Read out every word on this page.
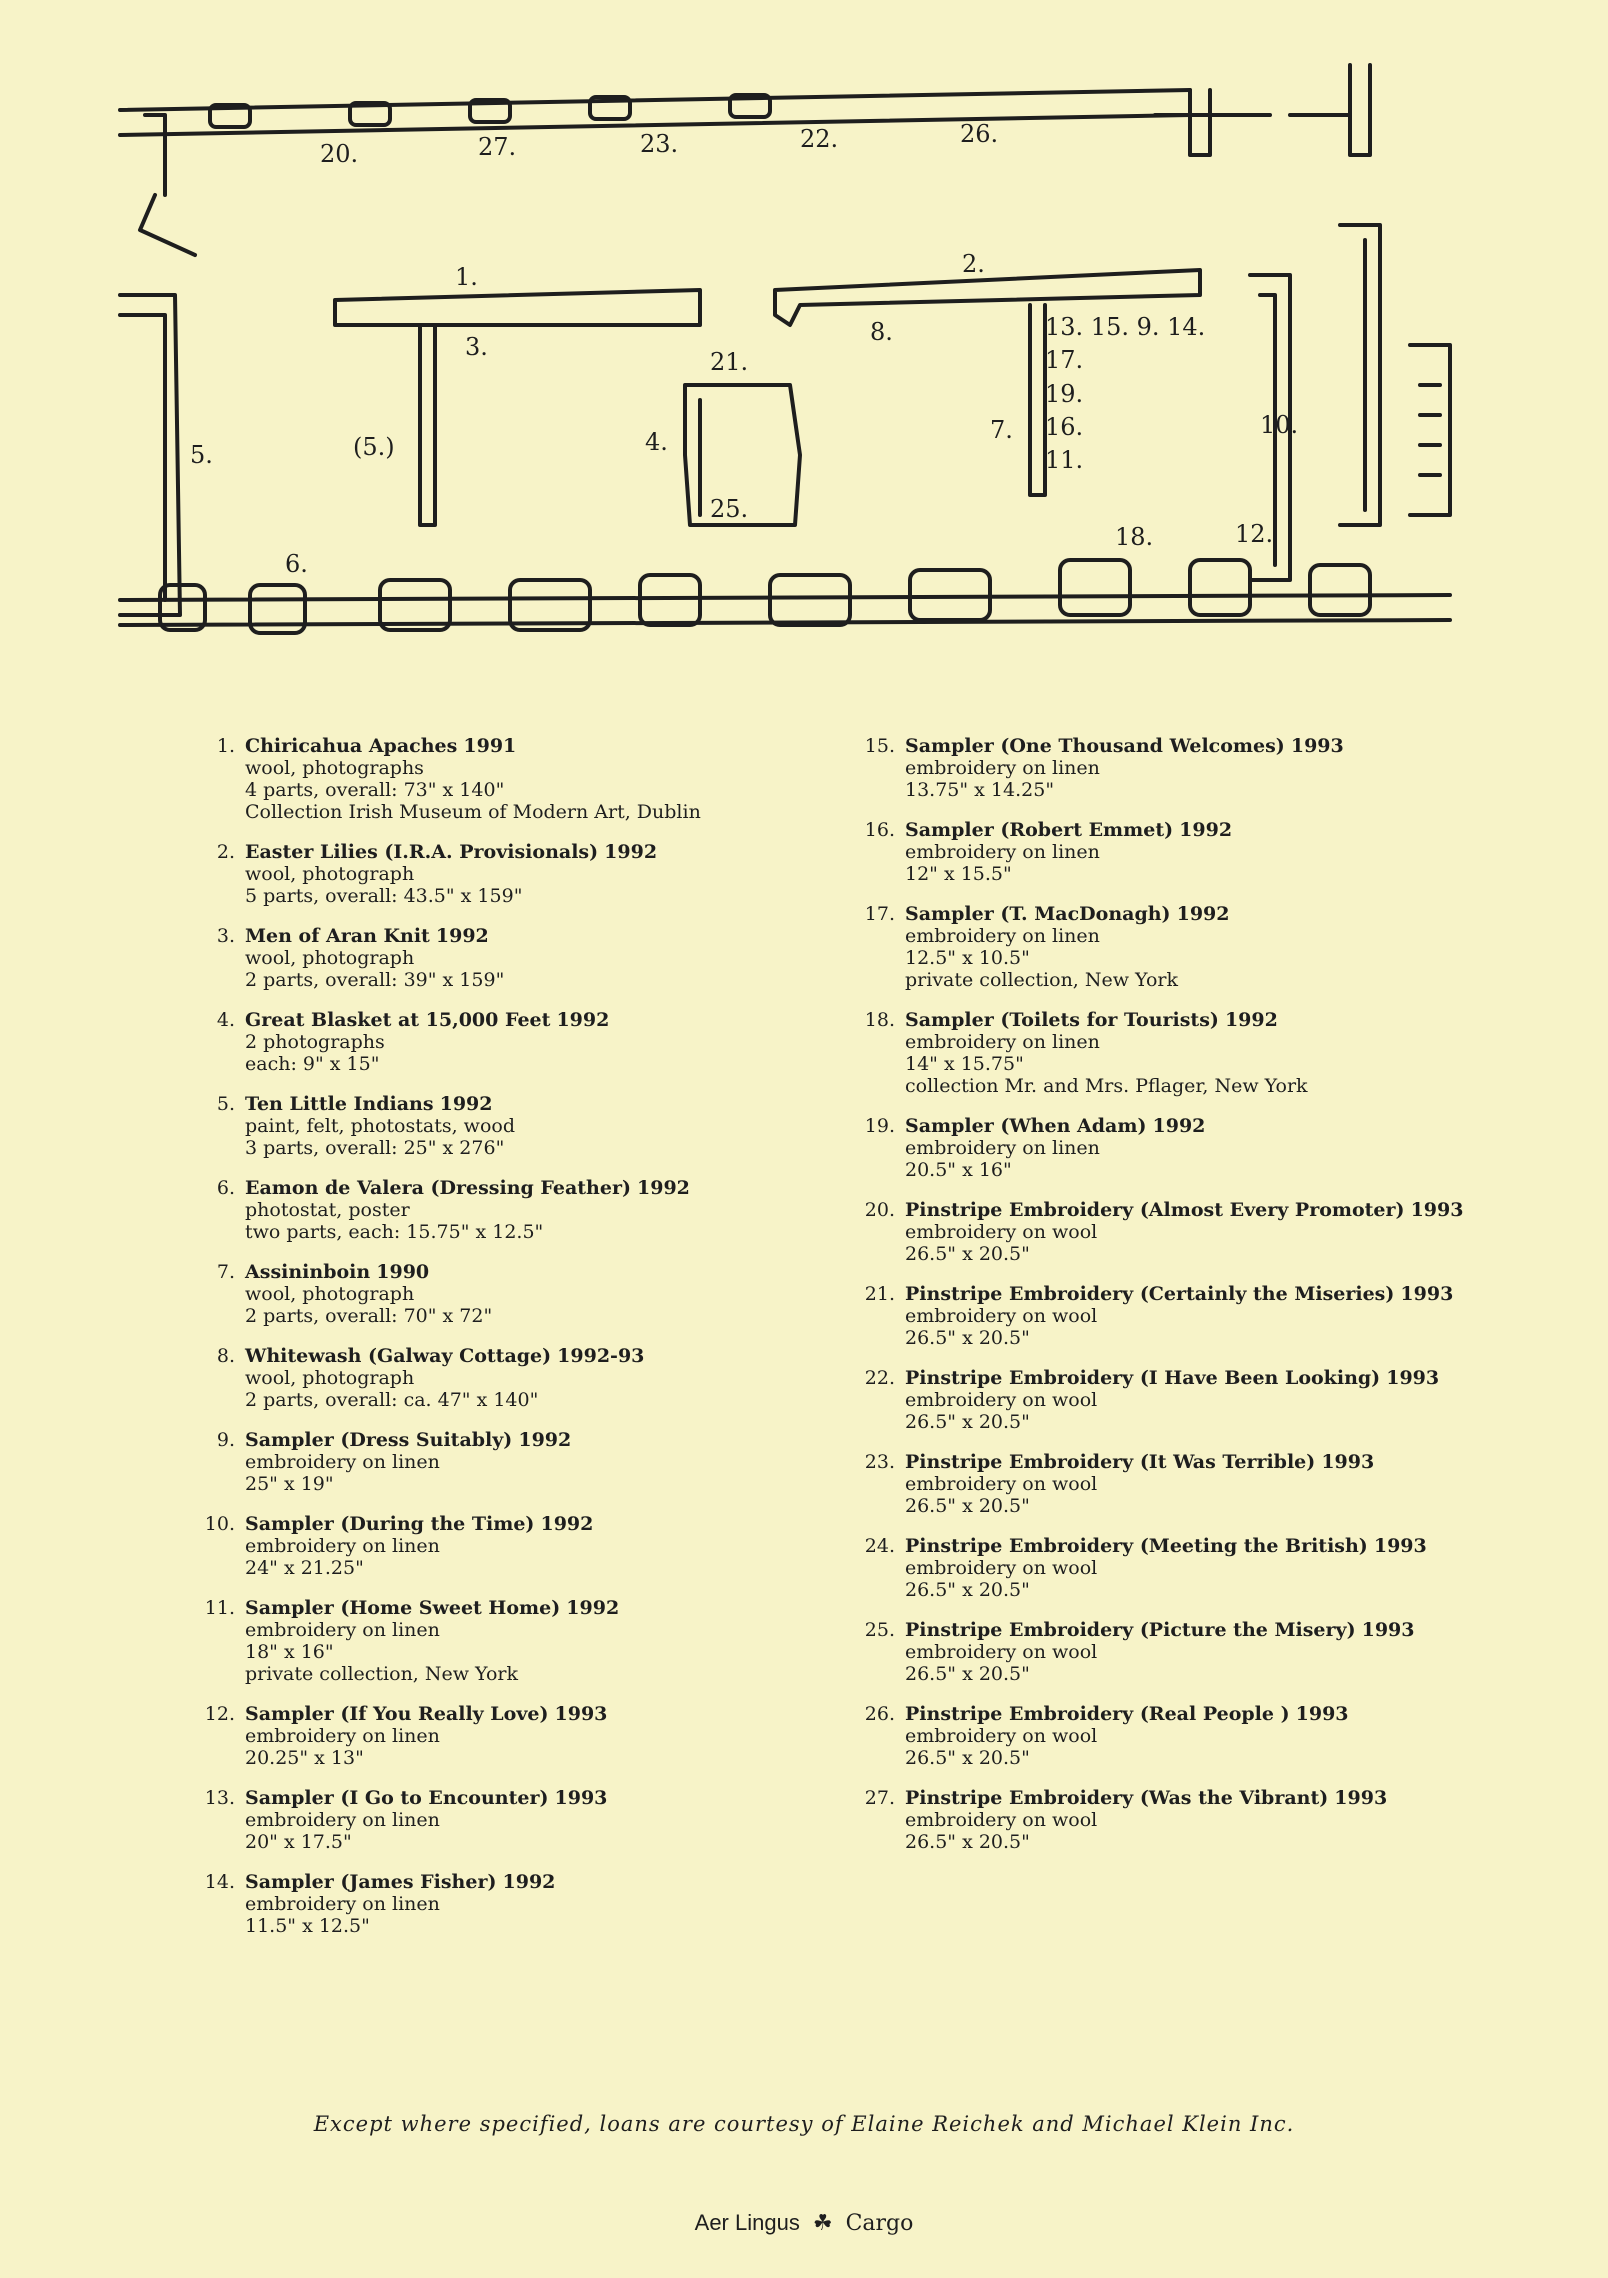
20.	27.	23.	22.	26.
1.	2.
3.
21.
8.	13. 15. 9. 14.
17.
19.
16.
11.
7.
4.
25.
10.
5.	(5.)
6.
18.	12.
1. Chiricahua Apaches 1991
wool, photographs
4 parts, overall: 73" x 140"
Collection Irish Museum of Modern Art, Dublin
2. Easter Lilies (I.R.A. Provisionals) 1992
wool, photograph
5 parts, overall: 43.5" x 159"
3. Men of Aran Knit 1992
wool, photograph
2 parts, overall: 39" x 159"
4. Great Blasket at 15,000 Feet 1992
2 photographs
each: 9" x 15"
5. Ten Little Indians 1992
paint, felt, photostats, wood
3 parts, overall: 25" x 276"
6. Eamon de Valera (Dressing Feather) 1992
photostat, poster
two parts, each: 15.75" x 12.5"
7. Assininboin 1990
wool, photograph
2 parts, overall: 70" x 72"
8. Whitewash (Galway Cottage) 1992-93
wool, photograph
2 parts, overall: ca. 47" x 140"
9. Sampler (Dress Suitably) 1992
embroidery on linen
25" x 19"
10. Sampler (During the Time) 1992
embroidery on linen
24" x 21.25"
11. Sampler (Home Sweet Home) 1992
embroidery on linen
18" x 16"
private collection, New York
12. Sampler (If You Really Love) 1993
embroidery on linen
20.25" x 13"
13. Sampler (I Go to Encounter) 1993
embroidery on linen
20" x 17.5"
14. Sampler (James Fisher) 1992
embroidery on linen
11.5" x 12.5"
15. Sampler (One Thousand Welcomes) 1993
embroidery on linen
13.75" x 14.25"
16. Sampler (Robert Emmet) 1992
embroidery on linen
12" x 15.5"
17. Sampler (T. MacDonagh) 1992
embroidery on linen
12.5" x 10.5"
private collection, New York
18. Sampler (Toilets for Tourists) 1992
embroidery on linen
14" x 15.75"
collection Mr. and Mrs. Pflager, New York
19. Sampler (When Adam) 1992
embroidery on linen
20.5" x 16"
20. Pinstripe Embroidery (Almost Every Promoter) 1993
embroidery on wool
26.5" x 20.5"
21. Pinstripe Embroidery (Certainly the Miseries) 1993
embroidery on wool
26.5" x 20.5"
22. Pinstripe Embroidery (I Have Been Looking) 1993
embroidery on wool
26.5" x 20.5"
23. Pinstripe Embroidery (It Was Terrible) 1993
embroidery on wool
26.5" x 20.5"
24. Pinstripe Embroidery (Meeting the British) 1993
embroidery on wool
26.5" x 20.5"
25. Pinstripe Embroidery (Picture the Misery) 1993
embroidery on wool
26.5" x 20.5"
26. Pinstripe Embroidery (Real People ) 1993
embroidery on wool
26.5" x 20.5"
27. Pinstripe Embroidery (Was the Vibrant) 1993
embroidery on wool
26.5" x 20.5"
Except where specified, loans are courtesy of Elaine Reichek and Michael Klein Inc.
Aer Lingus ☘ Cargo
